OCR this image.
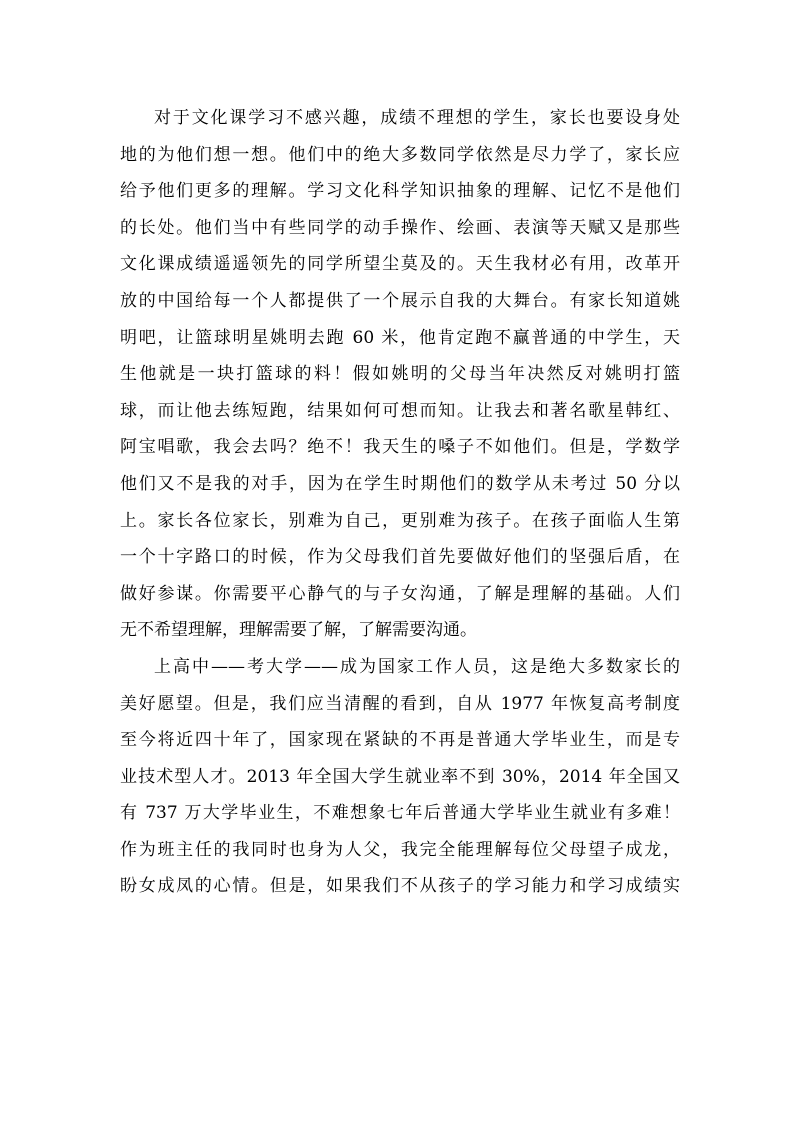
对于文化课学习不感兴趣，成绩不理想的学生，家长也要设身处
地的为他们想一想。他们中的绝大多数同学依然是尽力学了，家长应
给予他们更多的理解。学习文化科学知识抽象的理解、记忆不是他们
的长处。他们当中有些同学的动手操作、绘画、表演等天赋又是那些
文化课成绩遥遥领先的同学所望尘莫及的。天生我材必有用，改革开
放的中国给每一个人都提供了一个展示自我的大舞台。有家长知道姚
明吧，让篮球明星姚明去跑 60 米，他肯定跑不赢普通的中学生，天
生他就是一块打篮球的料！假如姚明的父母当年决然反对姚明打篮
球，而让他去练短跑，结果如何可想而知。让我去和著名歌星韩红、
阿宝唱歌，我会去吗？绝不！我天生的嗓子不如他们。但是，学数学
他们又不是我的对手，因为在学生时期他们的数学从未考过 50 分以
上。家长各位家长，别难为自己，更别难为孩子。在孩子面临人生第
一个十字路口的时候，作为父母我们首先要做好他们的坚强后盾，在
做好参谋。你需要平心静气的与子女沟通，了解是理解的基础。人们
无不希望理解，理解需要了解，了解需要沟通。
上高中——考大学——成为国家工作人员，这是绝大多数家长的
美好愿望。但是，我们应当清醒的看到，自从 1977 年恢复高考制度
至今将近四十年了，国家现在紧缺的不再是普通大学毕业生，而是专
业技术型人才。2013 年全国大学生就业率不到 30%，2014 年全国又
有 737 万大学毕业生，不难想象七年后普通大学毕业生就业有多难！
作为班主任的我同时也身为人父，我完全能理解每位父母望子成龙，
盼女成凤的心情。但是，如果我们不从孩子的学习能力和学习成绩实
